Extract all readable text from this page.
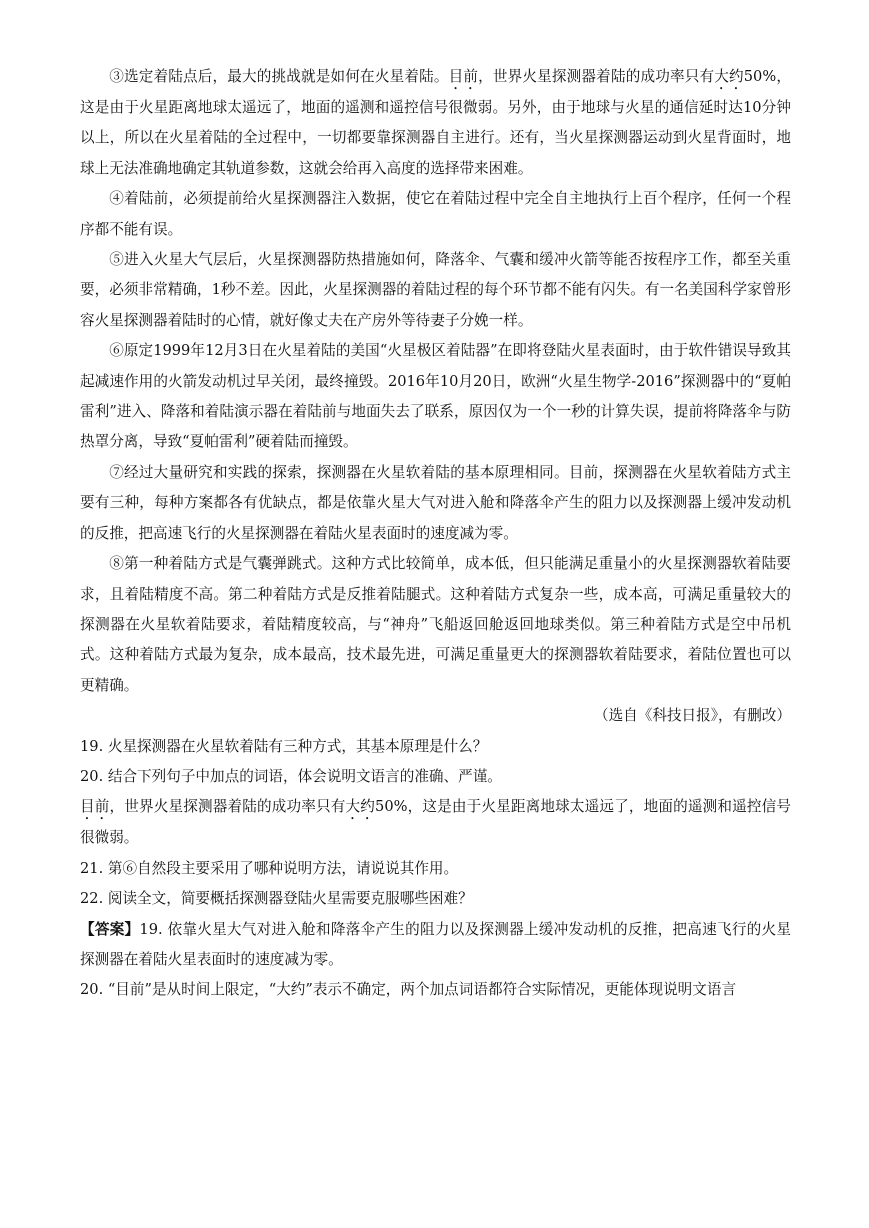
③选定着陆点后，最大的挑战就是如何在火星着陆。目前，世界火星探测器着陆的成功率只有大约50%，这是由于火星距离地球太遥远了，地面的遥测和遥控信号很微弱。另外，由于地球与火星的通信延时达10分钟以上，所以在火星着陆的全过程中，一切都要靠探测器自主进行。还有，当火星探测器运动到火星背面时，地球上无法准确地确定其轨道参数，这就会给再入高度的选择带来困难。

④着陆前，必须提前给火星探测器注入数据，使它在着陆过程中完全自主地执行上百个程序，任何一个程序都不能有误。

⑤进入火星大气层后，火星探测器防热措施如何，降落伞、气囊和缓冲火箭等能否按程序工作，都至关重要，必须非常精确，1秒不差。因此，火星探测器的着陆过程的每个环节都不能有闪失。有一名美国科学家曾形容火星探测器着陆时的心情，就好像丈夫在产房外等待妻子分娩一样。

⑥原定1999年12月3日在火星着陆的美国“火星极区着陆器”在即将登陆火星表面时，由于软件错误导致其起减速作用的火箭发动机过早关闭，最终撞毁。2016年10月20日，欧洲“火星生物学-2016”探测器中的“夏帕雷利”进入、降落和着陆演示器在着陆前与地面失去了联系，原因仅为一个一秒的计算失误，提前将降落伞与防热罩分离，导致“夏帕雷利”硬着陆而撞毁。

⑦经过大量研究和实践的探索，探测器在火星软着陆的基本原理相同。目前，探测器在火星软着陆方式主要有三种，每种方案都各有优缺点，都是依靠火星大气对进入舱和降落伞产生的阻力以及探测器上缓冲发动机的反推，把高速飞行的火星探测器在着陆火星表面时的速度减为零。

⑧第一种着陆方式是气囊弹跳式。这种方式比较简单，成本低，但只能满足重量小的火星探测器软着陆要求，且着陆精度不高。第二种着陆方式是反推着陆腿式。这种着陆方式复杂一些，成本高，可满足重量较大的探测器在火星软着陆要求，着陆精度较高，与“神舟”飞船返回舱返回地球类似。第三种着陆方式是空中吊机式。这种着陆方式最为复杂，成本最高，技术最先进，可满足重量更大的探测器软着陆要求，着陆位置也可以更精确。

（选自《科技日报》，有删改）

19. 火星探测器在火星软着陆有三种方式，其基本原理是什么？

20. 结合下列句子中加点的词语，体会说明文语言的准确、严谨。

目前，世界火星探测器着陆的成功率只有大约50%，这是由于火星距离地球太遥远了，地面的遥测和遥控信号很微弱。

21. 第⑥自然段主要采用了哪种说明方法，请说说其作用。

22. 阅读全文，简要概括探测器登陆火星需要克服哪些困难？

【答案】19. 依靠火星大气对进入舱和降落伞产生的阻力以及探测器上缓冲发动机的反推，把高速飞行的火星探测器在着陆火星表面时的速度减为零。

20. “目前”是从时间上限定，“大约”表示不确定，两个加点词语都符合实际情况，更能体现说明文语言
